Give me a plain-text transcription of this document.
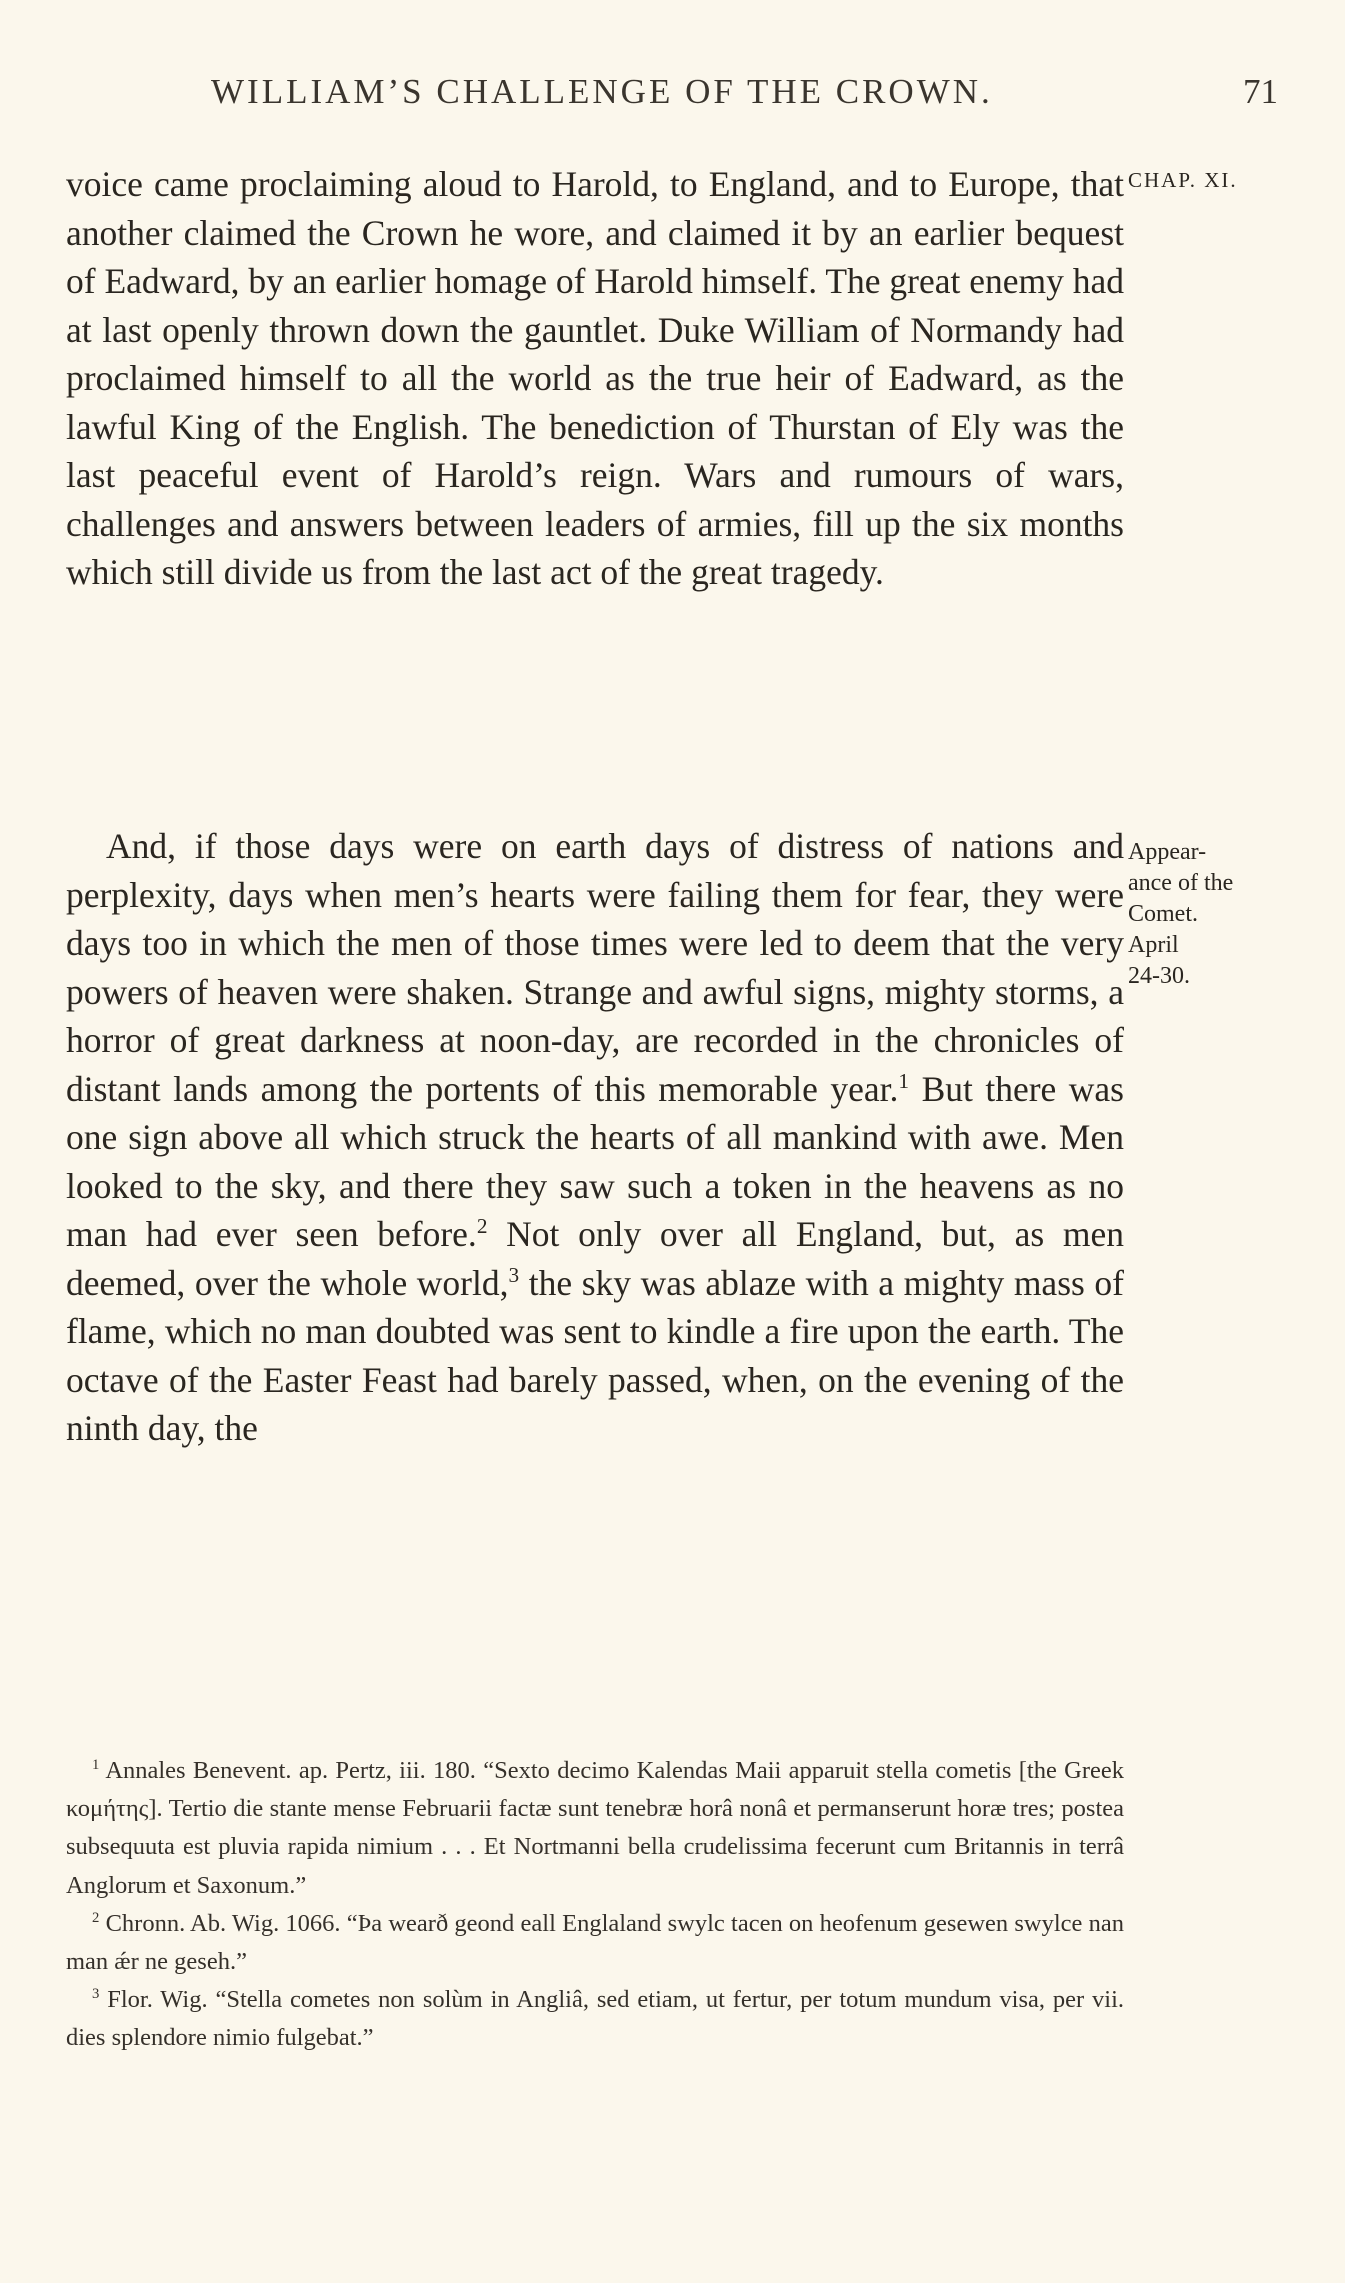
WILLIAM’S CHALLENGE OF THE CROWN.	71
CHAP. XI.
Appear-
ance of the
Comet.
April
24-30.

voice came proclaiming aloud to Harold, to England, and to Europe, that another claimed the Crown he wore, and claimed it by an earlier bequest of Eadward, by an earlier homage of Harold himself. The great enemy had at last openly thrown down the gauntlet. Duke William of Normandy had proclaimed himself to all the world as the true heir of Eadward, as the lawful King of the English. The benediction of Thurstan of Ely was the last peaceful event of Harold’s reign. Wars and rumours of wars, challenges and answers between leaders of armies, fill up the six months which still divide us from the last act of the great tragedy.

And, if those days were on earth days of distress of nations and perplexity, days when men’s hearts were failing them for fear, they were days too in which the men of those times were led to deem that the very powers of heaven were shaken. Strange and awful signs, mighty storms, a horror of great darkness at noon-day, are recorded in the chronicles of distant lands among the portents of this memorable year.$^1$ But there was one sign above all which struck the hearts of all mankind with awe. Men looked to the sky, and there they saw such a token in the heavens as no man had ever seen before.$^2$ Not only over all England, but, as men deemed, over the whole world,$^3$ the sky was ablaze with a mighty mass of flame, which no man doubted was sent to kindle a fire upon the earth. The octave of the Easter Feast had barely passed, when, on the evening of the ninth day, the

$^1$ Annales Benevent. ap. Pertz, iii. 180. “Sexto decimo Kalendas Maii apparuit stella cometis [the Greek κομήτης]. Tertio die stante mense Februarii factæ sunt tenebræ horâ nonâ et permanserunt horæ tres; postea subsequuta est pluvia rapida nimium . . . Et Nortmanni bella crudelissima fecerunt cum Britannis in terrâ Anglorum et Saxonum.”

$^2$ Chronn. Ab. Wig. 1066. “Þa wearð geond eall Englaland swylc tacen on heofenum gesewen swylce nan man ǽr ne geseh.”

$^3$ Flor. Wig. “Stella cometes non solùm in Angliâ, sed etiam, ut fertur, per totum mundum visa, per vii. dies splendore nimio fulgebat.”
